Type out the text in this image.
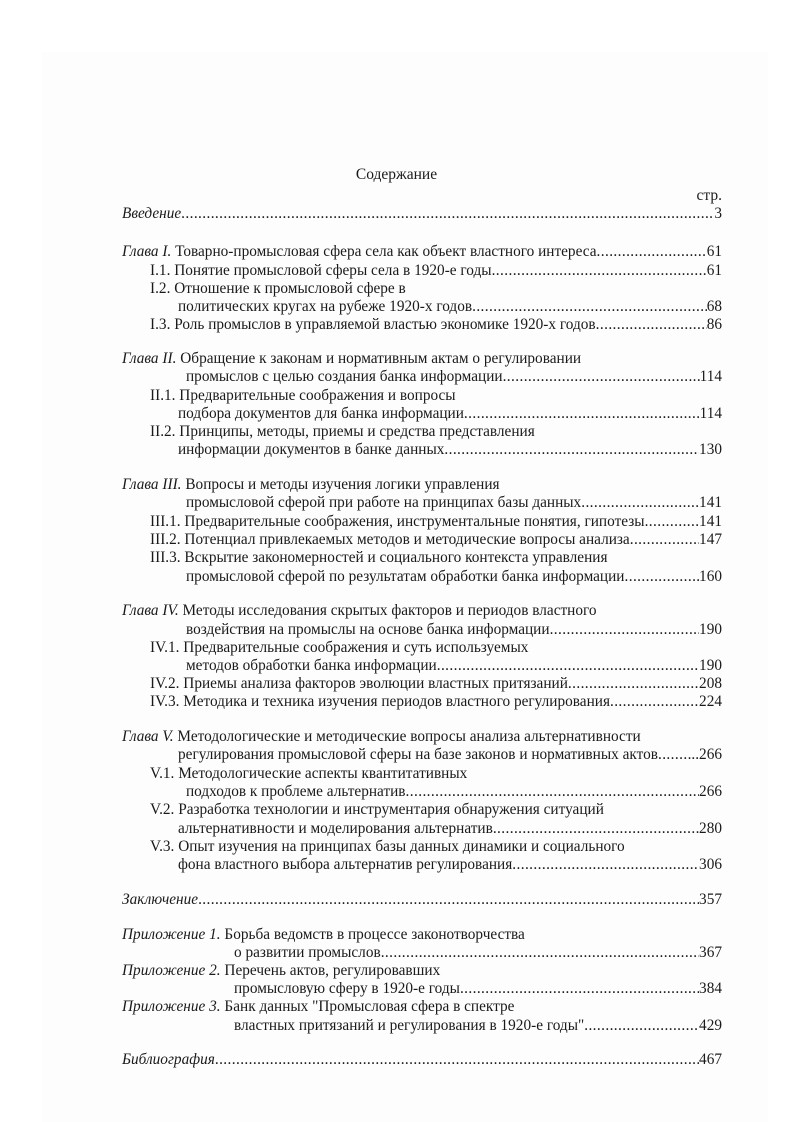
Содержание
стр.
Введение .....	3
Глава I. Товарно-промысловая сфера села как объект властного интереса .....	61
I.1. Понятие промысловой сферы села в 1920-е годы .....	61
I.2. Отношение к промысловой сфере в
политических кругах на рубеже 1920-х годов .....	68
I.3. Роль промыслов в управляемой властью экономике 1920-х годов .....	86
Глава II. Обращение к законам и нормативным актам о регулировании
промыслов с целью создания банка информации .....	114
II.1. Предварительные соображения и вопросы
подбора документов для банка информации .....	114
II.2. Принципы, методы, приемы и средства представления
информации документов в банке данных .....	130
Глава III. Вопросы и методы изучения логики управления
промысловой сферой при работе на принципах базы данных .....	141
III.1. Предварительные соображения, инструментальные понятия, гипотезы .....	141
III.2. Потенциал привлекаемых методов и методические вопросы анализа .....	147
III.3. Вскрытие закономерностей и социального контекста управления
промысловой сферой по результатам обработки банка информации .....	160
Глава IV. Методы исследования скрытых факторов и периодов властного
воздействия на промыслы на основе банка информации .....	190
IV.1. Предварительные соображения и суть используемых
методов обработки банка информации .....	190
IV.2. Приемы анализа факторов эволюции властных притязаний .....	208
IV.3. Методика и техника изучения периодов властного регулирования .....	224
Глава V. Методологические и методические вопросы анализа альтернативности
регулирования промысловой сферы на базе законов и нормативных актов ..... ...266
V.1. Методологические аспекты квантитативных
подходов к проблеме альтернатив .....	266
V.2. Разработка технологии и инструментария обнаружения ситуаций
альтернативности и моделирования альтернатив .....	280
V.3. Опыт изучения на принципах базы данных динамики и социального
фона властного выбора альтернатив регулирования .....	306
Заключение .....	357
Приложение 1. Борьба ведомств в процессе законотворчества
о развитии промыслов .....	367
Приложение 2. Перечень актов, регулировавших
промысловую сферу в 1920-е годы .....	384
Приложение 3. Банк данных "Промысловая сфера в спектре
властных притязаний и регулирования в 1920-е годы" .....	429
Библиография .....	467
